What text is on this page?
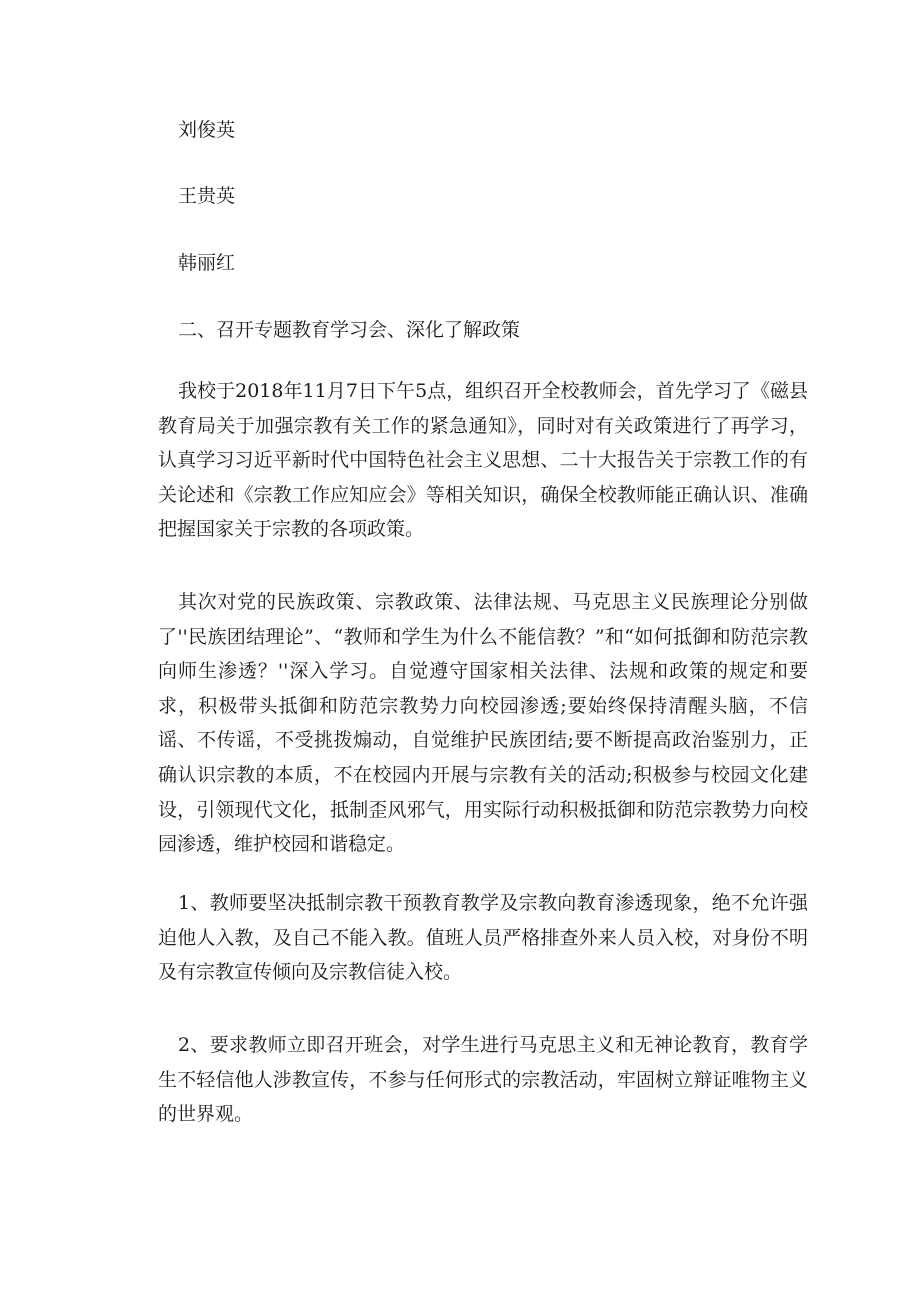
刘俊英
王贵英
韩丽红
二、召开专题教育学习会、深化了解政策

我校于2018年11月7日下午5点，组织召开全校教师会，首先学习了《磁县教育局关于加强宗教有关工作的紧急通知》，同时对有关政策进行了再学习，认真学习习近平新时代中国特色社会主义思想、二十大报告关于宗教工作的有关论述和《宗教工作应知应会》等相关知识，确保全校教师能正确认识、准确把握国家关于宗教的各项政策。

其次对党的民族政策、宗教政策、法律法规、马克思主义民族理论分别做了''民族团结理论”、“教师和学生为什么不能信教？”和“如何抵御和防范宗教向师生渗透？''深入学习。自觉遵守国家相关法律、法规和政策的规定和要求，积极带头抵御和防范宗教势力向校园渗透;要始终保持清醒头脑，不信谣、不传谣，不受挑拨煽动，自觉维护民族团结;要不断提高政治鉴别力，正确认识宗教的本质，不在校园内开展与宗教有关的活动;积极参与校园文化建设，引领现代文化，抵制歪风邪气，用实际行动积极抵御和防范宗教势力向校园渗透，维护校园和谐稳定。

1、教师要坚决抵制宗教干预教育教学及宗教向教育渗透现象，绝不允许强迫他人入教，及自己不能入教。值班人员严格排查外来人员入校，对身份不明及有宗教宣传倾向及宗教信徒入校。

2、要求教师立即召开班会，对学生进行马克思主义和无神论教育，教育学生不轻信他人涉教宣传，不参与任何形式的宗教活动，牢固树立辩证唯物主义的世界观。
